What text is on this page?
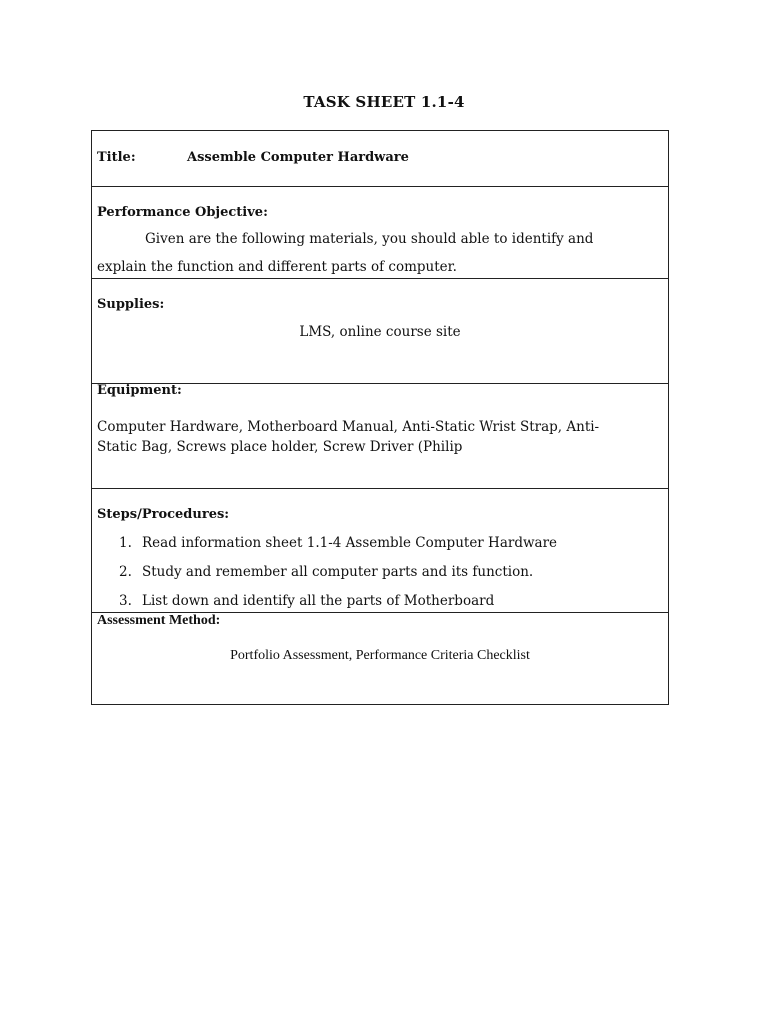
TASK SHEET 1.1-4
Title:	Assemble Computer Hardware
Performance Objective:
Given are the following materials, you should able to identify and
explain the function and different parts of computer.
Supplies:
LMS, online course site
Equipment:
Computer Hardware, Motherboard Manual, Anti-Static Wrist Strap, Anti-
Static Bag, Screws place holder, Screw Driver (Philip
Steps/Procedures:
1. Read information sheet 1.1-4 Assemble Computer Hardware
2. Study and remember all computer parts and its function.
3. List down and identify all the parts of Motherboard
Assessment Method:
Portfolio Assessment, Performance Criteria Checklist
